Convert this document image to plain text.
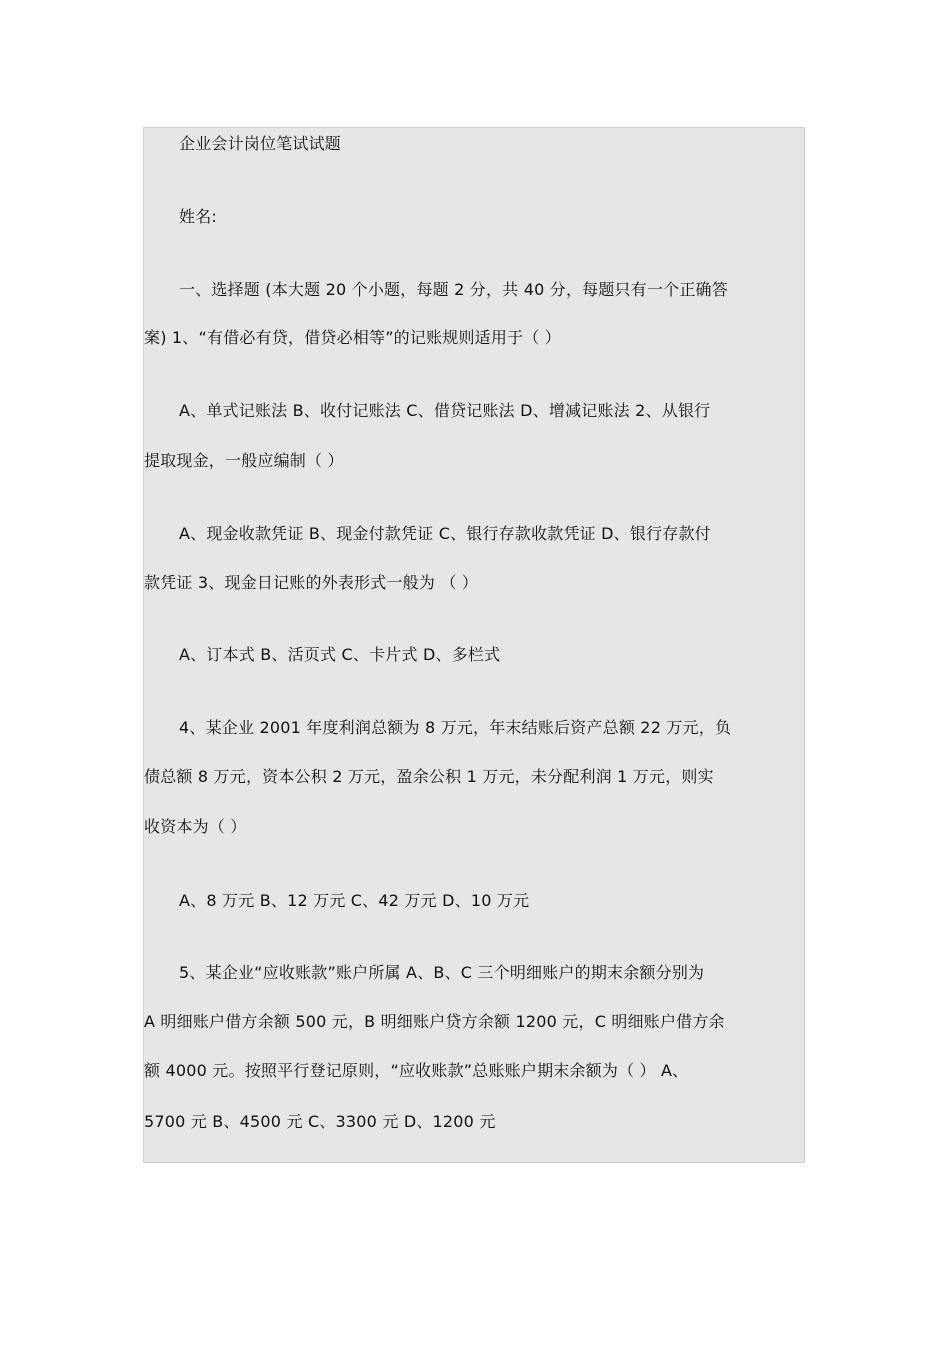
企业会计岗位笔试试题
姓名:
一、选择题 (本大题 20 个小题，每题 2 分，共 40 分，每题只有一个正确答
案) 1、“有借必有贷，借贷必相等”的记账规则适用于（ ）
A、单式记账法 B、收付记账法 C、借贷记账法 D、增减记账法 2、从银行
提取现金，一般应编制（ ）
A、现金收款凭证 B、现金付款凭证 C、银行存款收款凭证 D、银行存款付
款凭证 3、现金日记账的外表形式一般为 （ ）
A、订本式 B、活页式 C、卡片式 D、多栏式
4、某企业 2001 年度利润总额为 8 万元，年末结账后资产总额 22 万元，负
债总额 8 万元，资本公积 2 万元，盈余公积 1 万元，未分配利润 1 万元，则实
收资本为（ ）
A、8 万元 B、12 万元 C、42 万元 D、10 万元
5、某企业“应收账款”账户所属 A、B、C 三个明细账户的期末余额分别为
A 明细账户借方余额 500 元，B 明细账户贷方余额 1200 元，C 明细账户借方余
额 4000 元。按照平行登记原则，“应收账款”总账账户期末余额为（ ） A、
5700 元 B、4500 元 C、3300 元 D、1200 元
